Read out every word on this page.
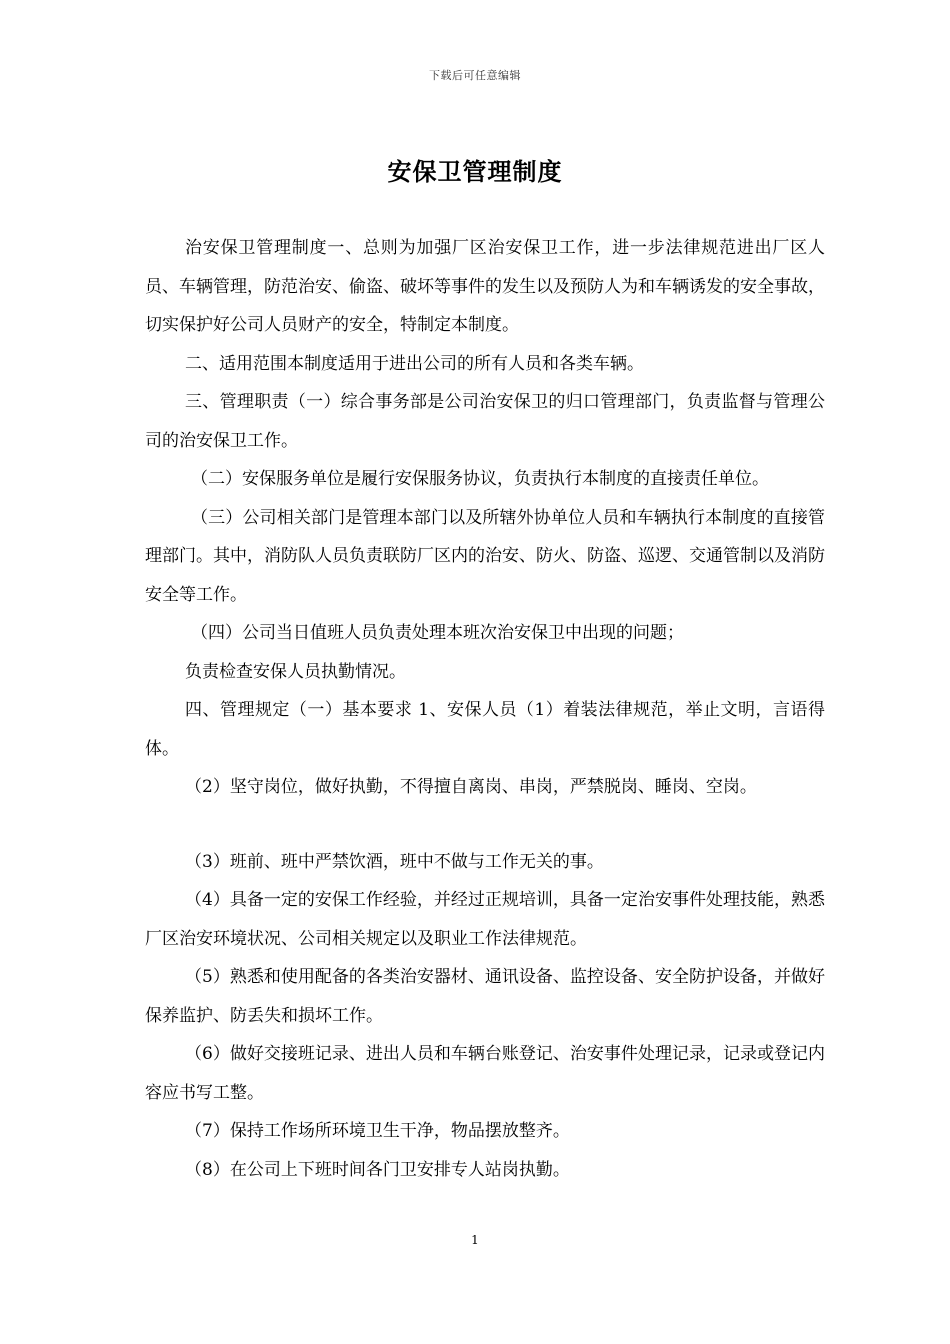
下载后可任意编辑
安保卫管理制度

治安保卫管理制度一、总则为加强厂区治安保卫工作，进一步法律规范进出厂区人员、车辆管理，防范治安、偷盗、破坏等事件的发生以及预防人为和车辆诱发的安全事故，切实保护好公司人员财产的安全，特制定本制度。

二、适用范围本制度适用于进出公司的所有人员和各类车辆。

三、管理职责（一）综合事务部是公司治安保卫的归口管理部门，负责监督与管理公司的治安保卫工作。

（二）安保服务单位是履行安保服务协议，负责执行本制度的直接责任单位。

（三）公司相关部门是管理本部门以及所辖外协单位人员和车辆执行本制度的直接管理部门。其中，消防队人员负责联防厂区内的治安、防火、防盗、巡逻、交通管制以及消防安全等工作。

（四）公司当日值班人员负责处理本班次治安保卫中出现的问题；

负责检查安保人员执勤情况。

四、管理规定（一）基本要求 1、安保人员（1）着装法律规范，举止文明，言语得体。

（2）坚守岗位，做好执勤，不得擅自离岗、串岗，严禁脱岗、睡岗、空岗。

（3）班前、班中严禁饮酒，班中不做与工作无关的事。

（4）具备一定的安保工作经验，并经过正规培训，具备一定治安事件处理技能，熟悉厂区治安环境状况、公司相关规定以及职业工作法律规范。

（5）熟悉和使用配备的各类治安器材、通讯设备、监控设备、安全防护设备，并做好保养监护、防丢失和损坏工作。

（6）做好交接班记录、进出人员和车辆台账登记、治安事件处理记录，记录或登记内容应书写工整。

（7）保持工作场所环境卫生干净，物品摆放整齐。

（8）在公司上下班时间各门卫安排专人站岗执勤。

1
